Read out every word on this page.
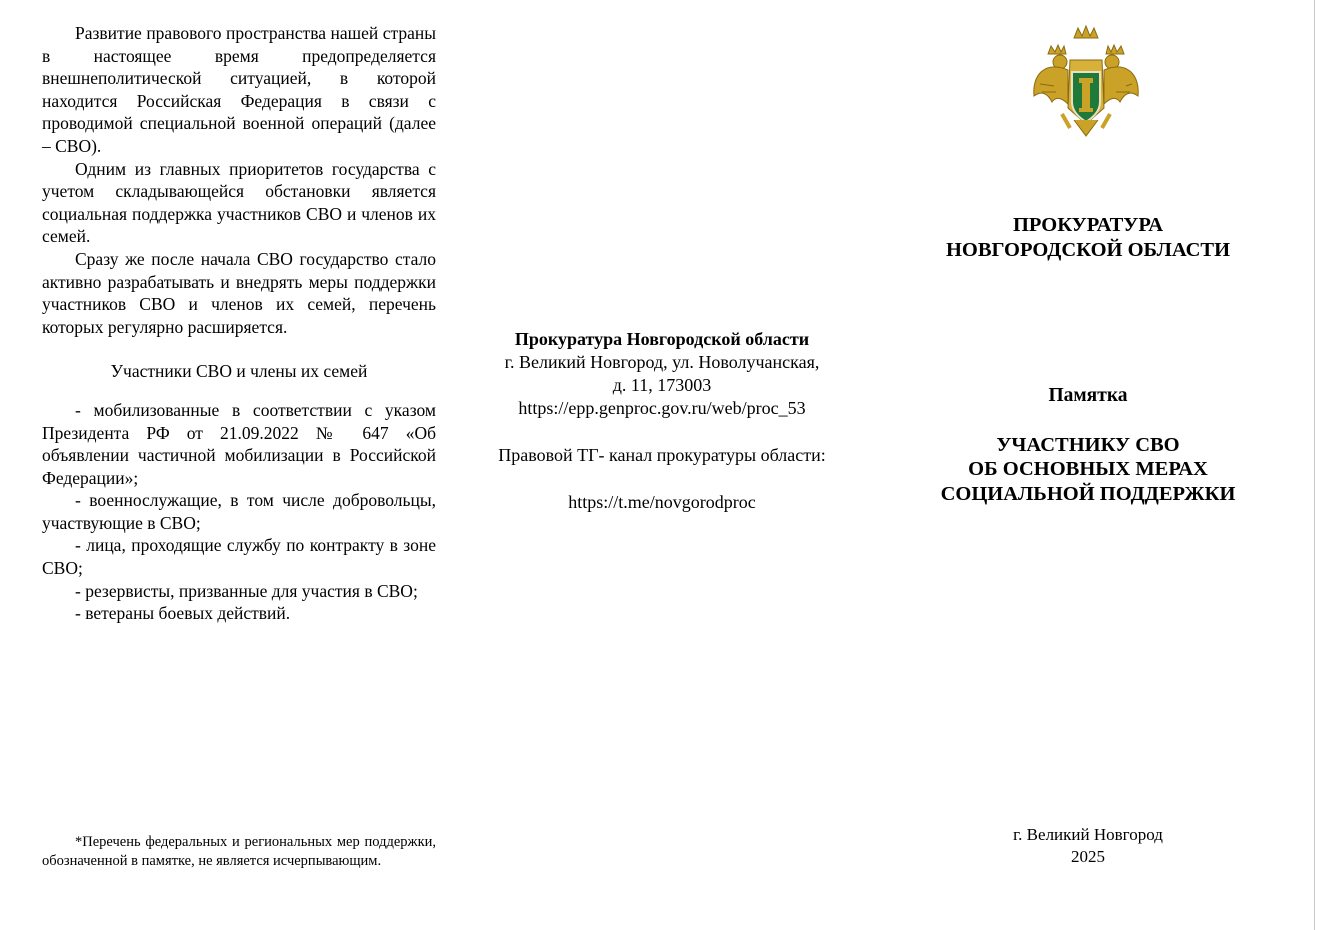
Развитие правового пространства нашей страны в настоящее время предопределяется внешнеполитической ситуацией, в которой находится Российская Федерация в связи с проводимой специальной военной операций (далее – СВО).

Одним из главных приоритетов государства с учетом складывающейся обстановки является социальная поддержка участников СВО и членов их семей.

Сразу же после начала СВО государство стало активно разрабатывать и внедрять меры поддержки участников СВО и членов их семей, перечень которых регулярно расширяется.

Участники СВО и члены их семей

- мобилизованные в соответствии с указом Президента РФ от 21.09.2022 № 647 «Об объявлении частичной мобилизации в Российской Федерации»;

- военнослужащие, в том числе добровольцы, участвующие в СВО;

- лица, проходящие службу по контракту в зоне СВО;

- резервисты, призванные для участия в СВО;

- ветераны боевых действий.

*Перечень федеральных и региональных мер поддержки, обозначенной в памятке, не является исчерпывающим.

Прокуратура Новгородской области

г. Великий Новгород, ул. Новолучанская,

д. 11, 173003

https://epp.genproc.gov.ru/web/proc_53

Правовой ТГ- канал прокуратуры области:

https://t.me/novgorodproc

ПРОКУРАТУРА

НОВГОРОДСКОЙ ОБЛАСТИ

Памятка

УЧАСТНИКУ СВО

ОБ ОСНОВНЫХ МЕРАХ

СОЦИАЛЬНОЙ ПОДДЕРЖКИ

г. Великий Новгород

2025
